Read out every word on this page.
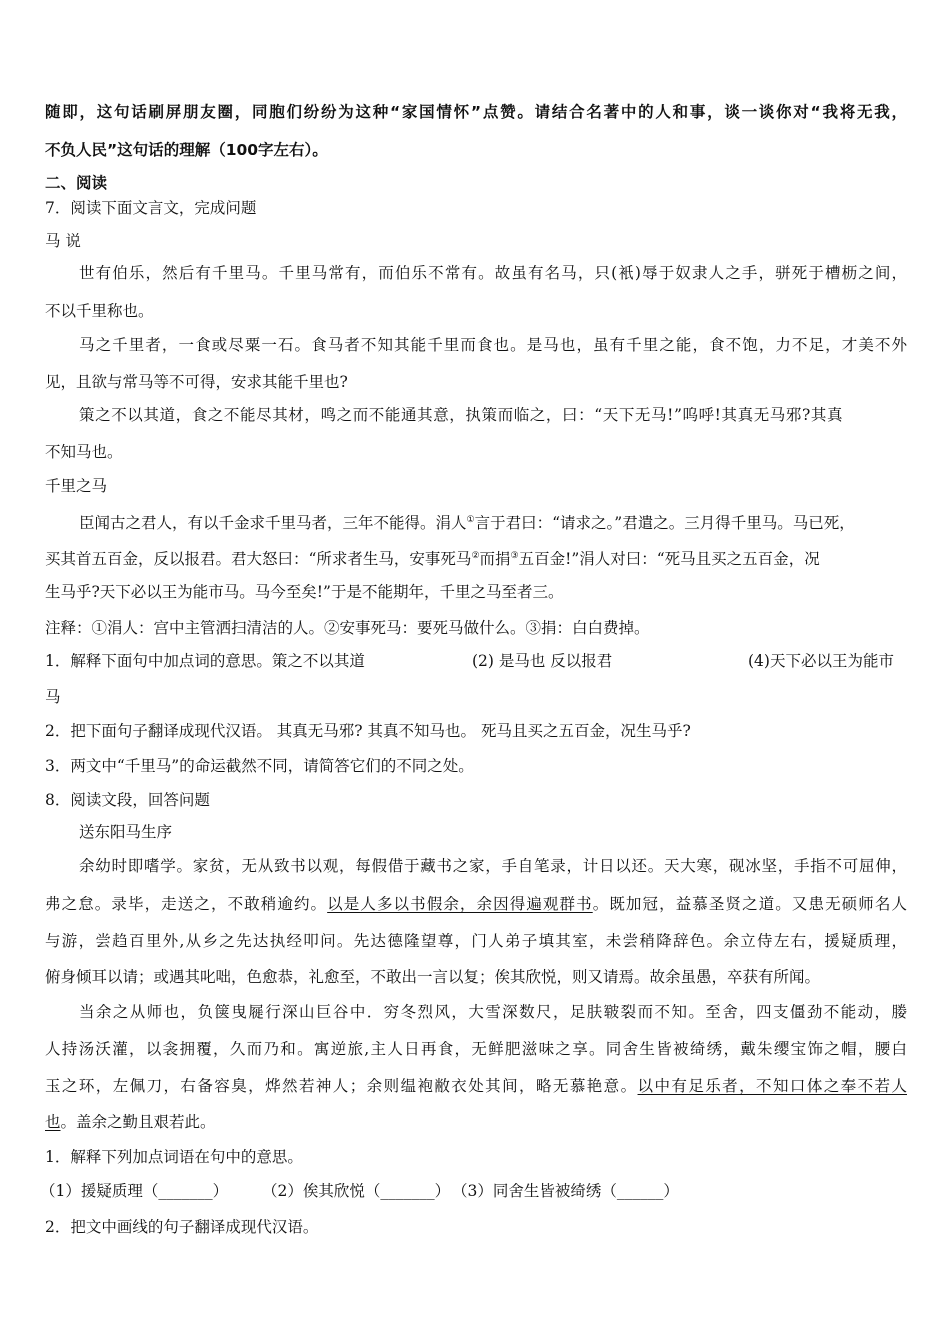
随即，这句话刷屏朋友圈，同胞们纷纷为这种“家国情怀”点赞。请结合名著中的人和事，谈一谈你对“我将无我，
不负人民”这句话的理解（100字左右）。
二、阅读
7．阅读下面文言文，完成问题
马 说
世有伯乐，然后有千里马。千里马常有，而伯乐不常有。故虽有名马，只(衹)辱于奴隶人之手，骈死于槽枥之间，
不以千里称也。
马之千里者，一食或尽粟一石。食马者不知其能千里而食也。是马也，虽有千里之能，食不饱，力不足，才美不外
见，且欲与常马等不可得，安求其能千里也?
策之不以其道，食之不能尽其材，鸣之而不能通其意，执策而临之，曰：“天下无马!”呜呼!其真无马邪?其真
不知马也。
千里之马
臣闻古之君人，有以千金求千里马者，三年不能得。涓人①言于君曰：“请求之。”君遣之。三月得千里马。马已死，
买其首五百金，反以报君。君大怒曰：“所求者生马，安事死马②而捐③五百金!”涓人对曰：“死马且买之五百金，况
生马乎?天下必以王为能市马。马今至矣!”于是不能期年，千里之马至者三。
注释：①涓人：宫中主管洒扫清洁的人。②安事死马：要死马做什么。③捐：白白费掉。
1．解释下面句中加点词的意思。策之不以其道	(2) 是马也 反以报君	(4)天下必以王为能市
马
2．把下面句子翻译成现代汉语。 其真无马邪? 其真不知马也。 死马且买之五百金，况生马乎?
3．两文中“千里马”的命运截然不同，请简答它们的不同之处。
8．阅读文段，回答问题
送东阳马生序
余幼时即嗜学。家贫，无从致书以观，每假借于藏书之家，手自笔录，计日以还。天大寒，砚冰坚，手指不可屈伸，
弗之怠。录毕，走送之，不敢稍逾约。以是人多以书假余，余因得遍观群书。既加冠，益慕圣贤之道。又患无硕师名人
与游，尝趋百里外,从乡之先达执经叩问。先达德隆望尊，门人弟子填其室，未尝稍降辞色。余立侍左右，援疑质理，
俯身倾耳以请；或遇其叱咄，色愈恭，礼愈至，不敢出一言以复；俟其欣悦，则又请焉。故余虽愚，卒获有所闻。
当余之从师也，负箧曳屣行深山巨谷中．穷冬烈风，大雪深数尺，足肤皲裂而不知。至舍，四支僵劲不能动，媵
人持汤沃灌，以衾拥覆，久而乃和。寓逆旅,主人日再食，无鲜肥滋味之享。同舍生皆被绮绣，戴朱缨宝饰之帽，腰白
玉之环，左佩刀，右备容臭，烨然若神人；余则缊袍敝衣处其间，略无慕艳意。以中有足乐者，不知口体之奉不若人
也。盖余之勤且艰若此。
1．解释下列加点词语在句中的意思。
（1）援疑质理（_______） （2）俟其欣悦（_______） （3）同舍生皆被绮绣（______）
2．把文中画线的句子翻译成现代汉语。
